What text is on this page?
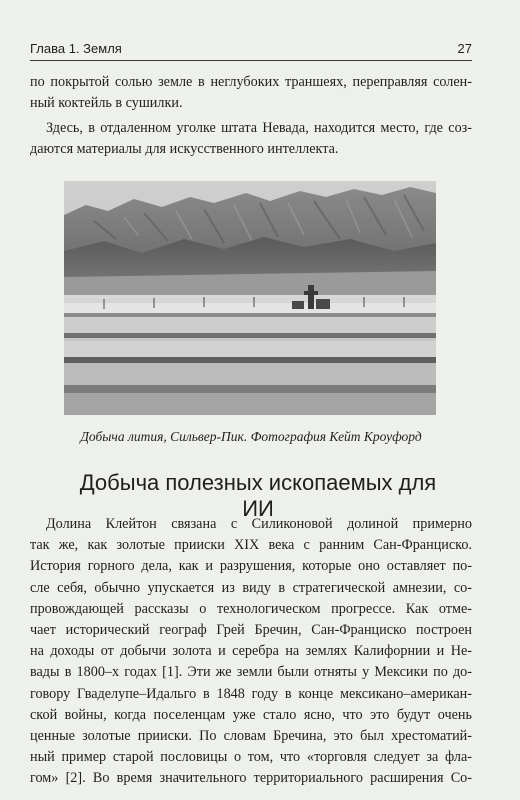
Глава 1. Земля	27

по покрытой солью земле в неглубоких траншеях, переправляя солен-
ный коктейль в сушилки.

Здесь, в отдаленном уголке штата Невада, находится место, где соз-
даются материалы для искусственного интеллекта.

Добыча лития, Сильвер-Пик. Фотография Кейт Кроуфорд
Добыча полезных ископаемых для ИИ

Долина Клейтон связана с Силиконовой долиной примерно
так же, как золотые прииски XIX века с ранним Сан-Франциско.
История горного дела, как и разрушения, которые оно оставляет по-
сле себя, обычно упускается из виду в стратегической амнезии, со-
провождающей рассказы о технологическом прогрессе. Как отме-
чает исторический географ Грей Бречин, Сан-Франциско построен
на доходы от добычи золота и серебра на землях Калифорнии и Не-
вады в 1800–х годах [1]. Эти же земли были отняты у Мексики по до-
говору Гваделупе–Идальго в 1848 году в конце мексикано–американ-
ской войны, когда поселенцам уже стало ясно, что это будут очень
ценные золотые прииски. По словам Бречина, это был хрестоматий-
ный пример старой пословицы о том, что «торговля следует за фла-
гом» [2]. Во время значительного территориального расширения Со-
